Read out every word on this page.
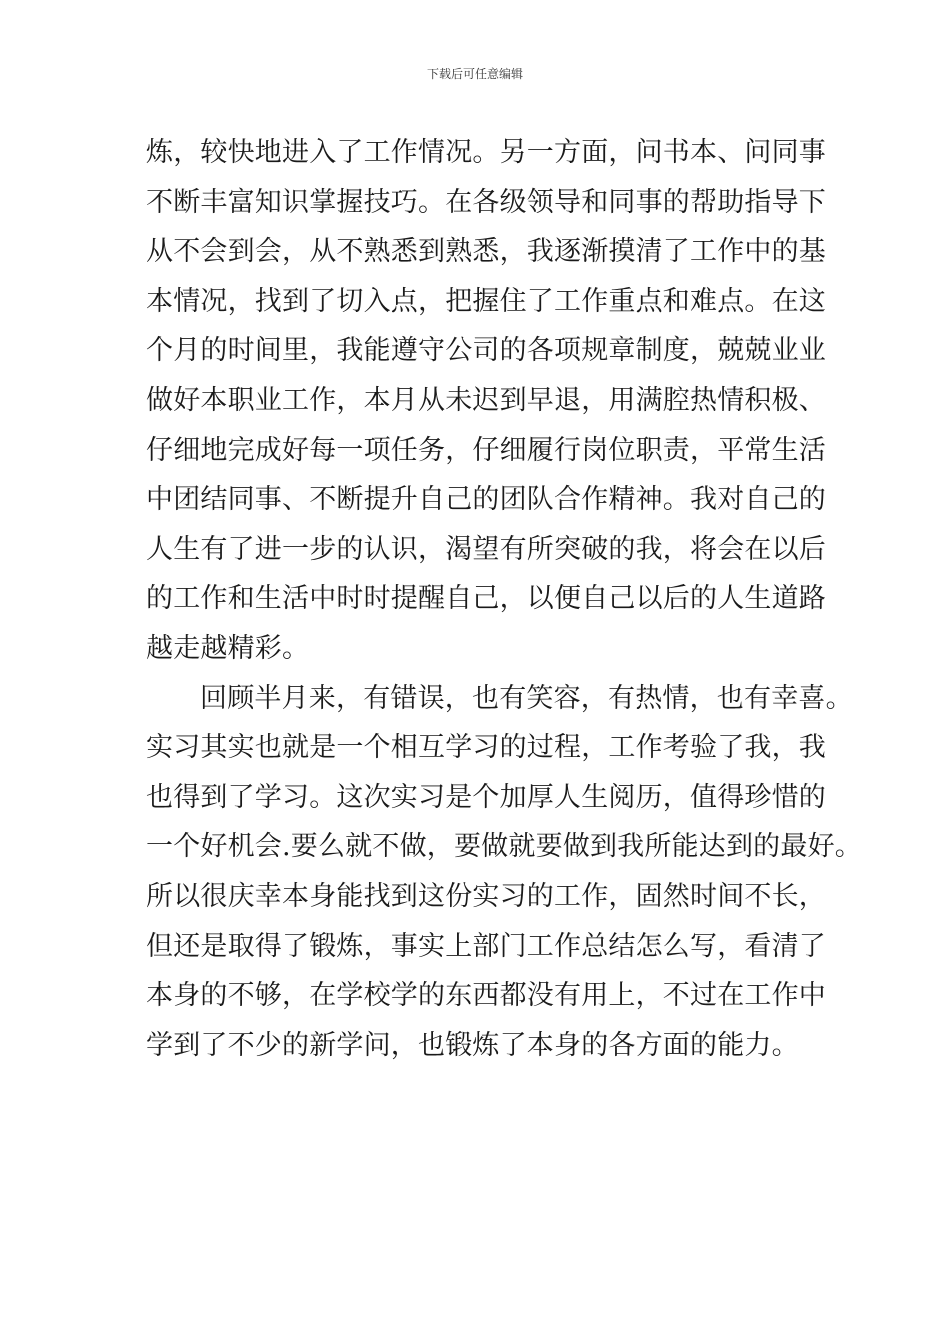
下载后可任意编辑
炼，较快地进入了工作情况。另一方面，问书本、问同事
不断丰富知识掌握技巧。在各级领导和同事的帮助指导下
从不会到会，从不熟悉到熟悉，我逐渐摸清了工作中的基
本情况，找到了切入点，把握住了工作重点和难点。在这
个月的时间里，我能遵守公司的各项规章制度，兢兢业业
做好本职业工作，本月从未迟到早退，用满腔热情积极、
仔细地完成好每一项任务，仔细履行岗位职责，平常生活
中团结同事、不断提升自己的团队合作精神。我对自己的
人生有了进一步的认识，渴望有所突破的我，将会在以后
的工作和生活中时时提醒自己，以便自己以后的人生道路
越走越精彩。
回顾半月来，有错误，也有笑容，有热情，也有幸喜。
实习其实也就是一个相互学习的过程，工作考验了我，我
也得到了学习。这次实习是个加厚人生阅历，值得珍惜的
一个好机会.要么就不做，要做就要做到我所能达到的最好。
所以很庆幸本身能找到这份实习的工作，固然时间不长，
但还是取得了锻炼，事实上部门工作总结怎么写，看清了
本身的不够，在学校学的东西都没有用上，不过在工作中
学到了不少的新学问，也锻炼了本身的各方面的能力。
